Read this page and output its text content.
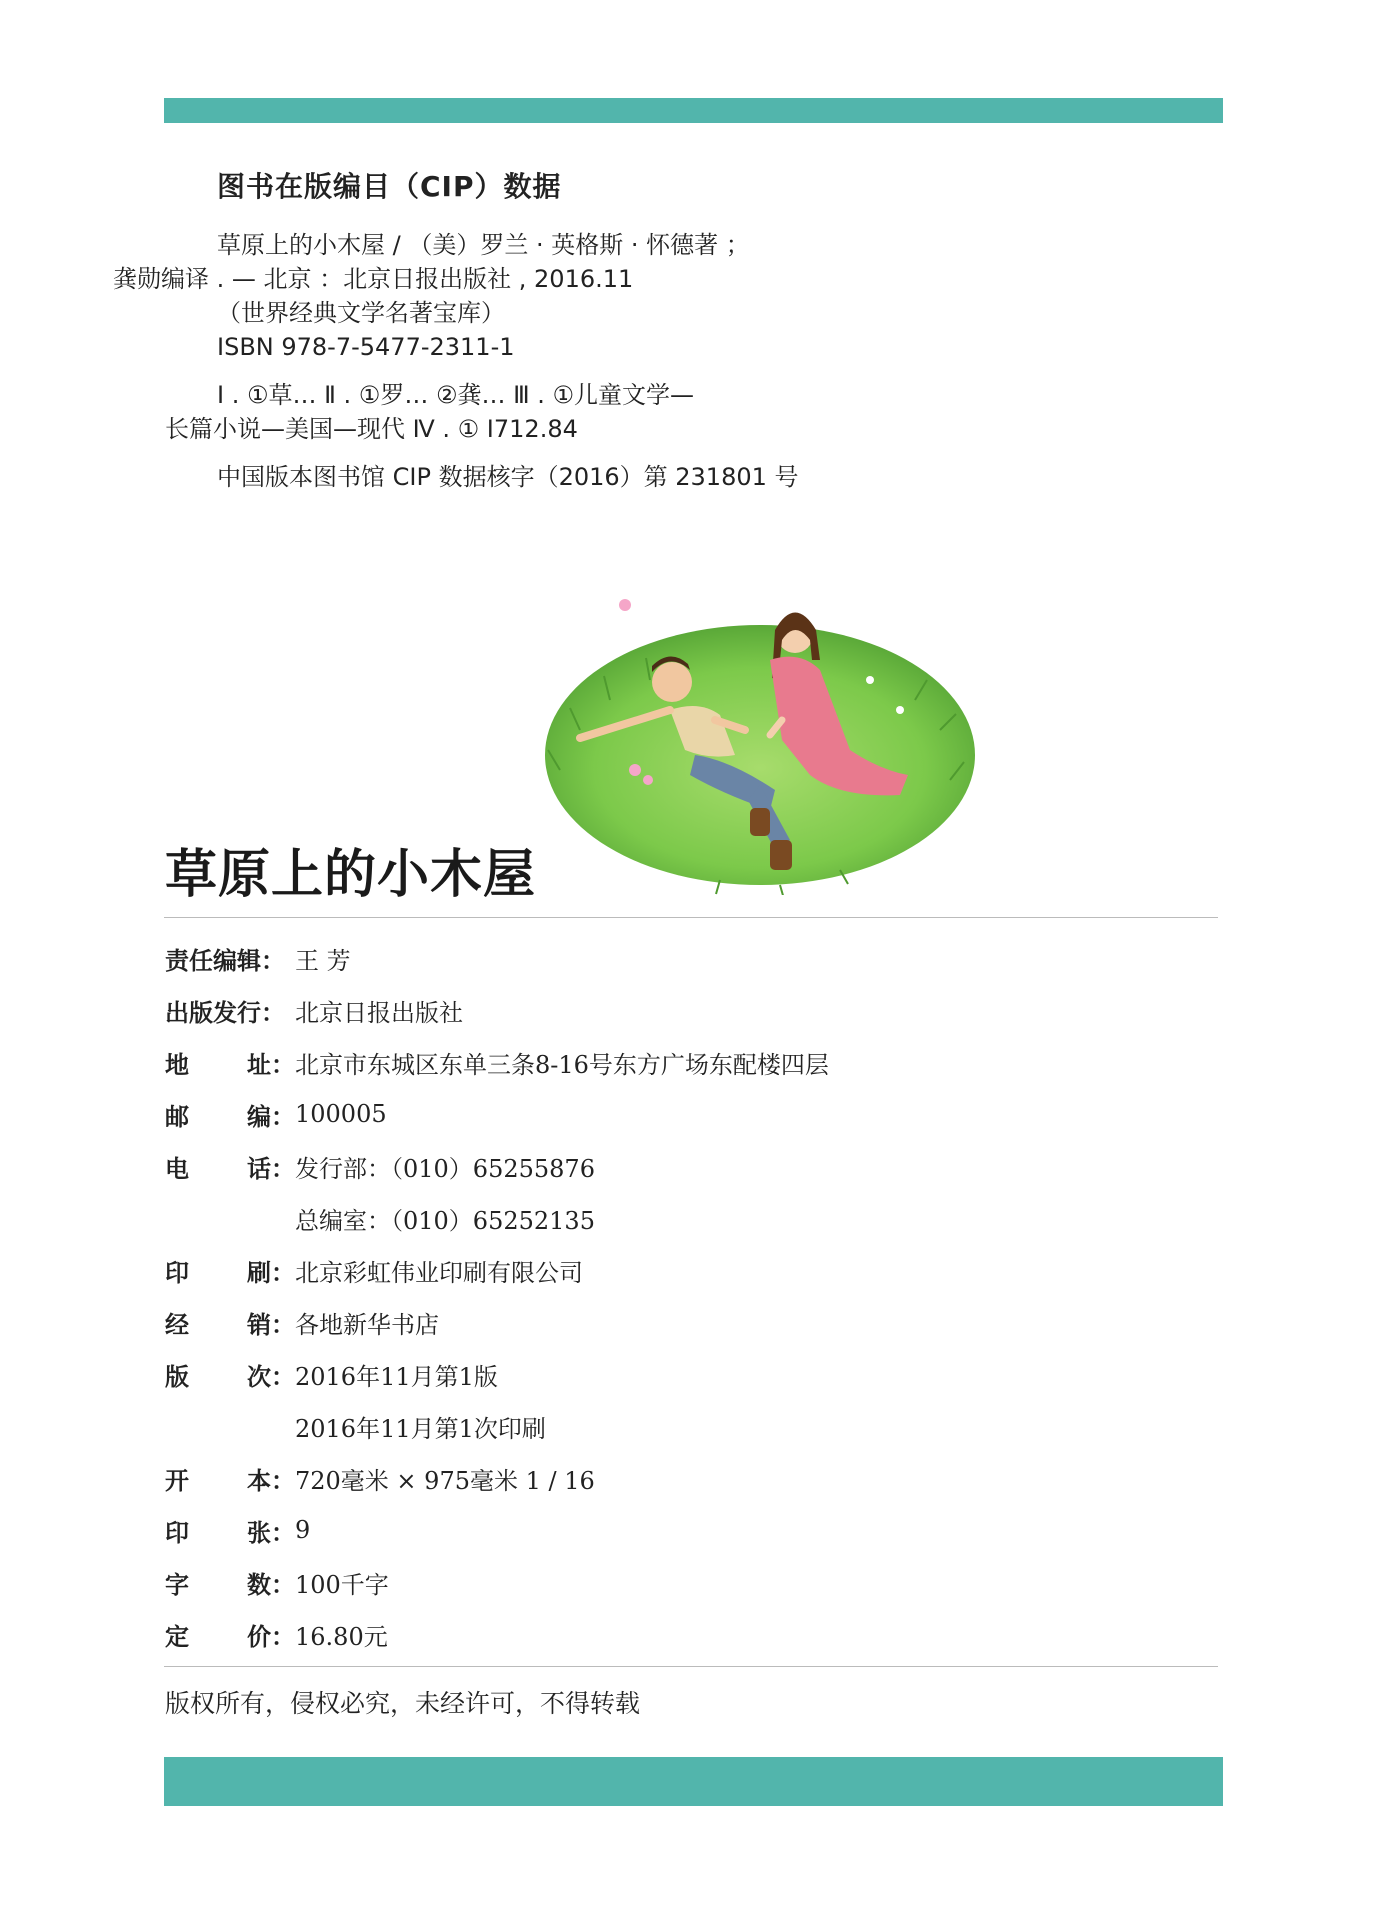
图书在版编目（CIP）数据

草原上的小木屋 / （美）罗兰 · 英格斯 · 怀德著 ；
龚勋编译 . — 北京 ：北京日报出版社 , 2016.11

（世界经典文学名著宝库）
ISBN 978-7-5477-2311-1
Ⅰ . ①草… Ⅱ . ①罗… ②龚… Ⅲ . ①儿童文学—
长篇小说—美国—现代 Ⅳ . ① I712.84
中国版本图书馆 CIP 数据核字（2016）第 231801 号
草原上的小木屋
责任编辑： 王 芳
出版发行： 北京日报出版社
地 址： 北京市东城区东单三条8-16号东方广场东配楼四层
邮 编： 100005
电 话： 发行部：（010）65255876
总编室：（010）65252135
印 刷： 北京彩虹伟业印刷有限公司
经 销： 各地新华书店
版 次： 2016年11月第1版
2016年11月第1次印刷
开 本： 720毫米 × 975毫米 1 / 16
印 张： 9
字 数： 100千字
定 价： 16.80元
版权所有，侵权必究，未经许可，不得转载
